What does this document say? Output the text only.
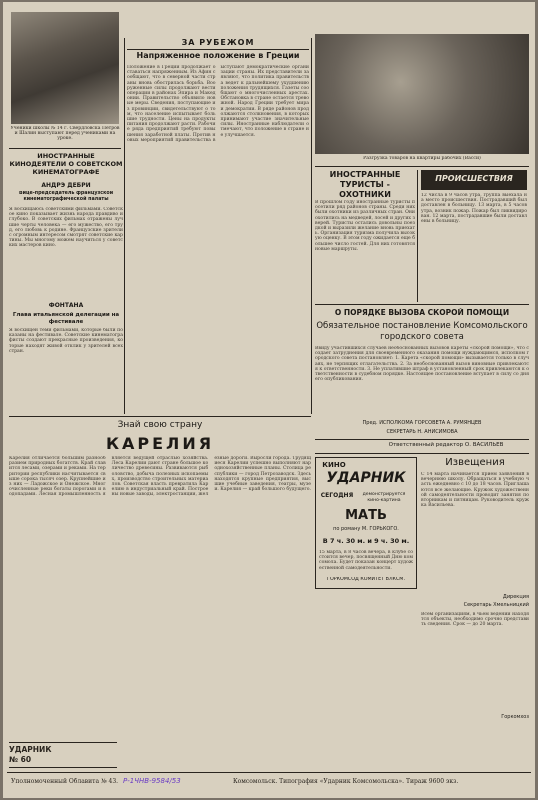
Ученики школы № 14 г. Свердловска Петров и Шалин выступают перед учениками на уроке.
ИНОСТРАННЫЕ КИНОДЕЯТЕЛИ О СОВЕТСКОМ КИНЕМАТОГРАФЕ
АНДРЭ ДЕБРИ
Вице-председатель французской кинематографической палаты
Я восхищаюсь советскими фильмами. Советское кино показывает жизнь народа правдиво и глубоко. В советских фильмах отражены лучшие черты человека — его мужество, его труд, его любовь к родине. Французские зрители с огромным интересом смотрят советские картины. Мы многому можем научиться у советских мастеров кино.
ФОНТАНА
Глава итальянской делегации на фестивале
Я восхищен теми фильмами, которые были показаны на фестивале. Советские кинематографисты создают прекрасные произведения, которые находят живой отклик у зрителей всех стран.
ЗА РУБЕЖОМ
Напряженное положение в Греции
Положение в Греции продолжает оставаться напряженным. Из Афин сообщают, что в северной части страны вновь обострилась борьба. Вооруженные силы продолжают вести операции в районах Эпира и Македонии. Правительство объявило новые меры. Сведения, поступающие из провинции, свидетельствуют о том, что население испытывает большие трудности. Цены на продукты питания продолжают расти. Рабочие ряда предприятий требуют повышения заработной платы. Против новых мероприятий правительства выступают демократические организации страны. Их представители заявляют, что политика правительства ведет к дальнейшему ухудшению положения трудящихся. Газеты сообщают о многочисленных арестах. Обстановка в стране остается тревожной. Народ Греции требует мира и демократии. В ряде районов продолжаются столкновения, в которых принимают участие значительные силы. Иностранные наблюдатели отмечают, что положение в стране не улучшается.
Разгрузка товаров на квартиры рабочих (Васси)
ИНОСТРАННЫЕ ТУРИСТЫ - ОХОТНИКИ
В прошлом году иностранные туристы посетили ряд районов страны. Среди них были охотники из различных стран. Они охотились на медведей, лосей и других зверей. Туристы остались довольны поездкой и выразили желание вновь приехать. Организация туризма получила высокую оценку. В этом году ожидается еще большее число гостей. Для них готовятся новые маршруты.
ПРОИСШЕСТВИЯ
12 числа в 9 часов утра, группа выехала на место происшествия. Пострадавший был доставлен в больницу. 13 марта, в 5 часов утра, возник пожар. Пожар был ликвидирован. 12 марта, пострадавшие были доставлены в больницу.
О ПОРЯДКЕ ВЫЗОВА СКОРОЙ ПОМОЩИ
Обязательное постановление Комсомольского городского совета
Ввиду участившихся случаев необоснованных вызовов кареты «скорой помощи», что создает затруднения для своевременного оказания помощи нуждающимся, исполком городского совета постановляет: 1. Карета «скорой помощи» вызывается только в случаях, не терпящих отлагательства. 2. За необоснованный вызов виновные привлекаются к ответственности. 3. Не уплатившие штраф в установленный срок привлекаются к ответственности в судебном порядке. Настоящее постановление вступает в силу со дня его опубликования.
Пред. ИСПОЛКОМА ГОРСОВЕТА А. РУМЯНЦЕВ
СЕКРЕТАРЬ Н. АНИСИМОВА
Ответственный редактор О. ВАСИЛЬЕВ
Знай свою страну
КАРЕЛИЯ
Карелия отличается большим разнообразием природных богатств. Край славится лесами, озерами и реками. На территории республики насчитывается свыше сорока тысяч озер. Крупнейшие из них — Ладожское и Онежское. Многочисленные реки богаты порогами и водопадами. Лесная промышленность является ведущей отраслью хозяйства. Леса Карелии дают стране большое количество древесины. Развиваются рыболовство, добыча полезных ископаемых, производство строительных материалов. Советская власть превратила Карелию в индустриальный край. Построены новые заводы, электростанции, железные дороги. Выросли города. Трудящиеся Карелии успешно выполняют народнохозяйственные планы. Столица республики — город Петрозаводск. Здесь находятся крупные предприятия, высшие учебные заведения, театры, музеи. Карелия — край большого будущего.
УДАРНИК
№ 60
Извещения
С 14 марта начинается прием заявлений в вечернюю школу. Обращаться в учебную часть ежедневно с 10 до 18 часов. Приглашаются все желающие. Кружок художественной самодеятельности проводит занятия по вторникам и пятницам. Руководитель кружка Васильева.
Дирекция
Секретарь Хмельницкий
Всем организациям, в чьем ведении находятся объекты, необходимо срочно представить сведения. Срок — до 20 марта.
Горкомхоз
КИНО
УДАРНИК
СЕГОДНЯ	демонстрируется кино-картина
МАТЬ
по роману М. ГОРЬКОГО.
В 7 ч. 30 м. и 9 ч. 30 м.
15 марта, в 8 часов вечера, в клубе состоится вечер, посвященный Дню комсомола. Будет показан концерт художественной самодеятельности.
ГОРКОМСОД КОМИТЕТ ВЛКСМ.
Уполномоченный Облавита № 43.	Комсомольск. Типография «Ударник Комсомольска». Тираж 9600 экз.
Р-1ЧНВ-9584/53
